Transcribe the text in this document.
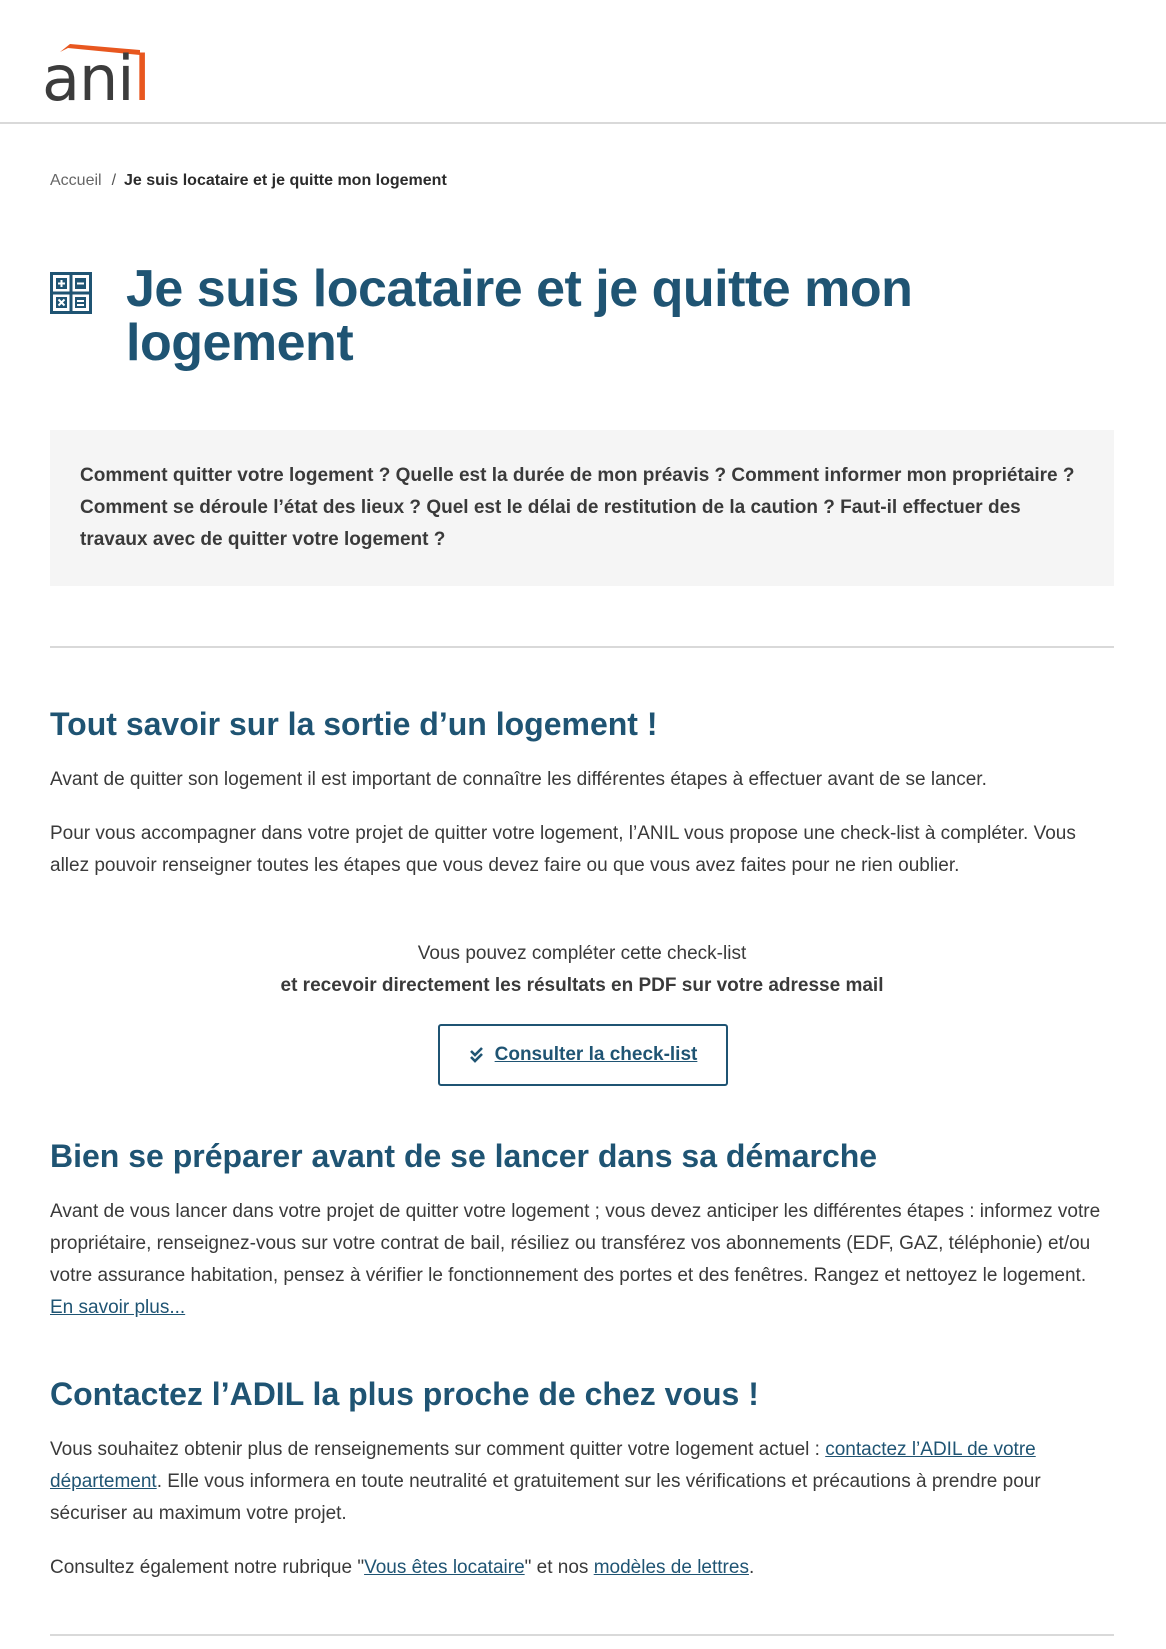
anil
Accueil / Je suis locataire et je quitte mon logement
Je suis locataire et je quitte mon logement

Comment quitter votre logement ? Quelle est la durée de mon préavis ? Comment informer mon propriétaire ? Comment se déroule l’état des lieux ? Quel est le délai de restitution de la caution ? Faut-il effectuer des travaux avec de quitter votre logement ?

Tout savoir sur la sortie d’un logement !

Avant de quitter son logement il est important de connaître les différentes étapes à effectuer avant de se lancer.

Pour vous accompagner dans votre projet de quitter votre logement, l’ANIL vous propose une check-list à compléter. Vous allez pouvoir renseigner toutes les étapes que vous devez faire ou que vous avez faites pour ne rien oublier.

Vous pouvez compléter cette check-list
et recevoir directement les résultats en PDF sur votre adresse mail
Consulter la check-list
Bien se préparer avant de se lancer dans sa démarche

Avant de vous lancer dans votre projet de quitter votre logement ; vous devez anticiper les différentes étapes : informez votre propriétaire, renseignez-vous sur votre contrat de bail, résiliez ou transférez vos abonnements (EDF, GAZ, téléphonie) et/ou votre assurance habitation, pensez à vérifier le fonctionnement des portes et des fenêtres. Rangez et nettoyez le logement. En savoir plus...

Contactez l’ADIL la plus proche de chez vous !

Vous souhaitez obtenir plus de renseignements sur comment quitter votre logement actuel : contactez l’ADIL de votre département. Elle vous informera en toute neutralité et gratuitement sur les vérifications et précautions à prendre pour sécuriser au maximum votre projet.

Consultez également notre rubrique "Vous êtes locataire" et nos modèles de lettres.
